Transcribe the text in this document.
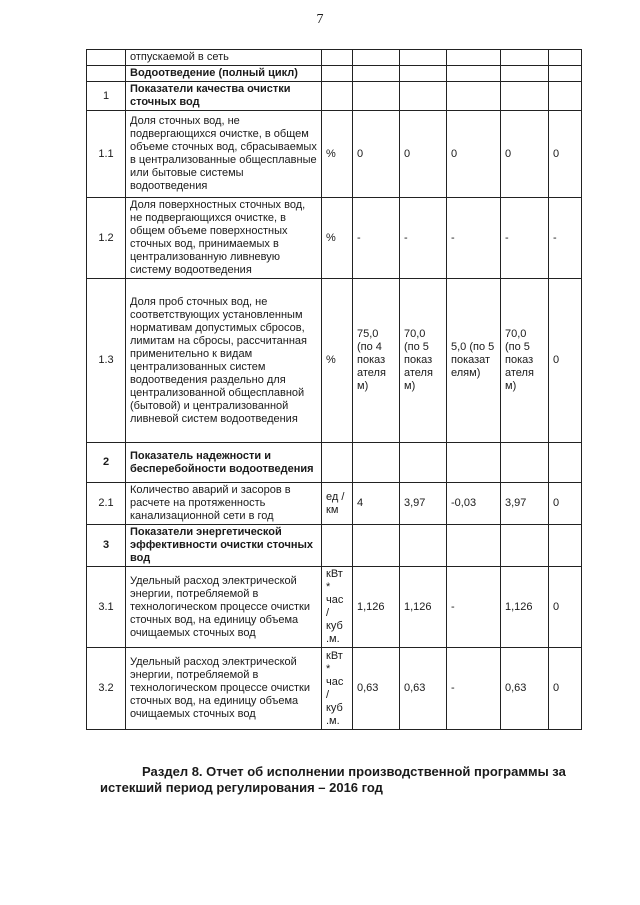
7
	отпускаемой в сеть						
	Водоотведение (полный цикл)						
1	Показатели качества очистки сточных вод						
1.1	Доля сточных вод, не подвергающихся очистке, в общем объеме сточных вод, сбрасываемых в централизованные общесплавные или бытовые системы водоотведения	%	0	0	0	0	0
1.2	Доля поверхностных сточных вод, не подвергающихся очистке, в общем объеме поверхностных сточных вод, принимаемых в централизованную ливневую систему водоотведения	%	-	-	-	-	-
1.3	Доля проб сточных вод, не соответствующих установленным нормативам допустимых сбросов, лимитам на сбросы, рассчитанная применительно к видам централизованных систем водоотведения раздельно для централизованной общесплавной (бытовой) и централизованной ливневой систем водоотведения	%	75,0 (по 4 показ ателя м)	70,0 (по 5 показ ателя м)	5,0 (по 5 показат елям)	70,0 (по 5 показ ателя м)	0
2	Показатель надежности и бесперебойности водоотведения						
2.1	Количество аварий и засоров в расчете на протяженность канализационной сети в год	ед /км	4	3,97	-0,03	3,97	0
3	Показатели энергетической эффективности очистки сточных вод						
3.1	Удельный расход электрической энергии, потребляемой в технологическом процессе очистки сточных вод, на единицу объема очищаемых сточных вод	кВт * час / куб .м.	1,126	1,126	-	1,126	0
3.2	Удельный расход электрической энергии, потребляемой в технологическом процессе очистки сточных вод, на единицу объема очищаемых сточных вод	кВт * час / куб .м.	0,63	0,63	-	0,63	0
Раздел 8. Отчет об исполнении производственной программы за истекший период регулирования – 2016 год
